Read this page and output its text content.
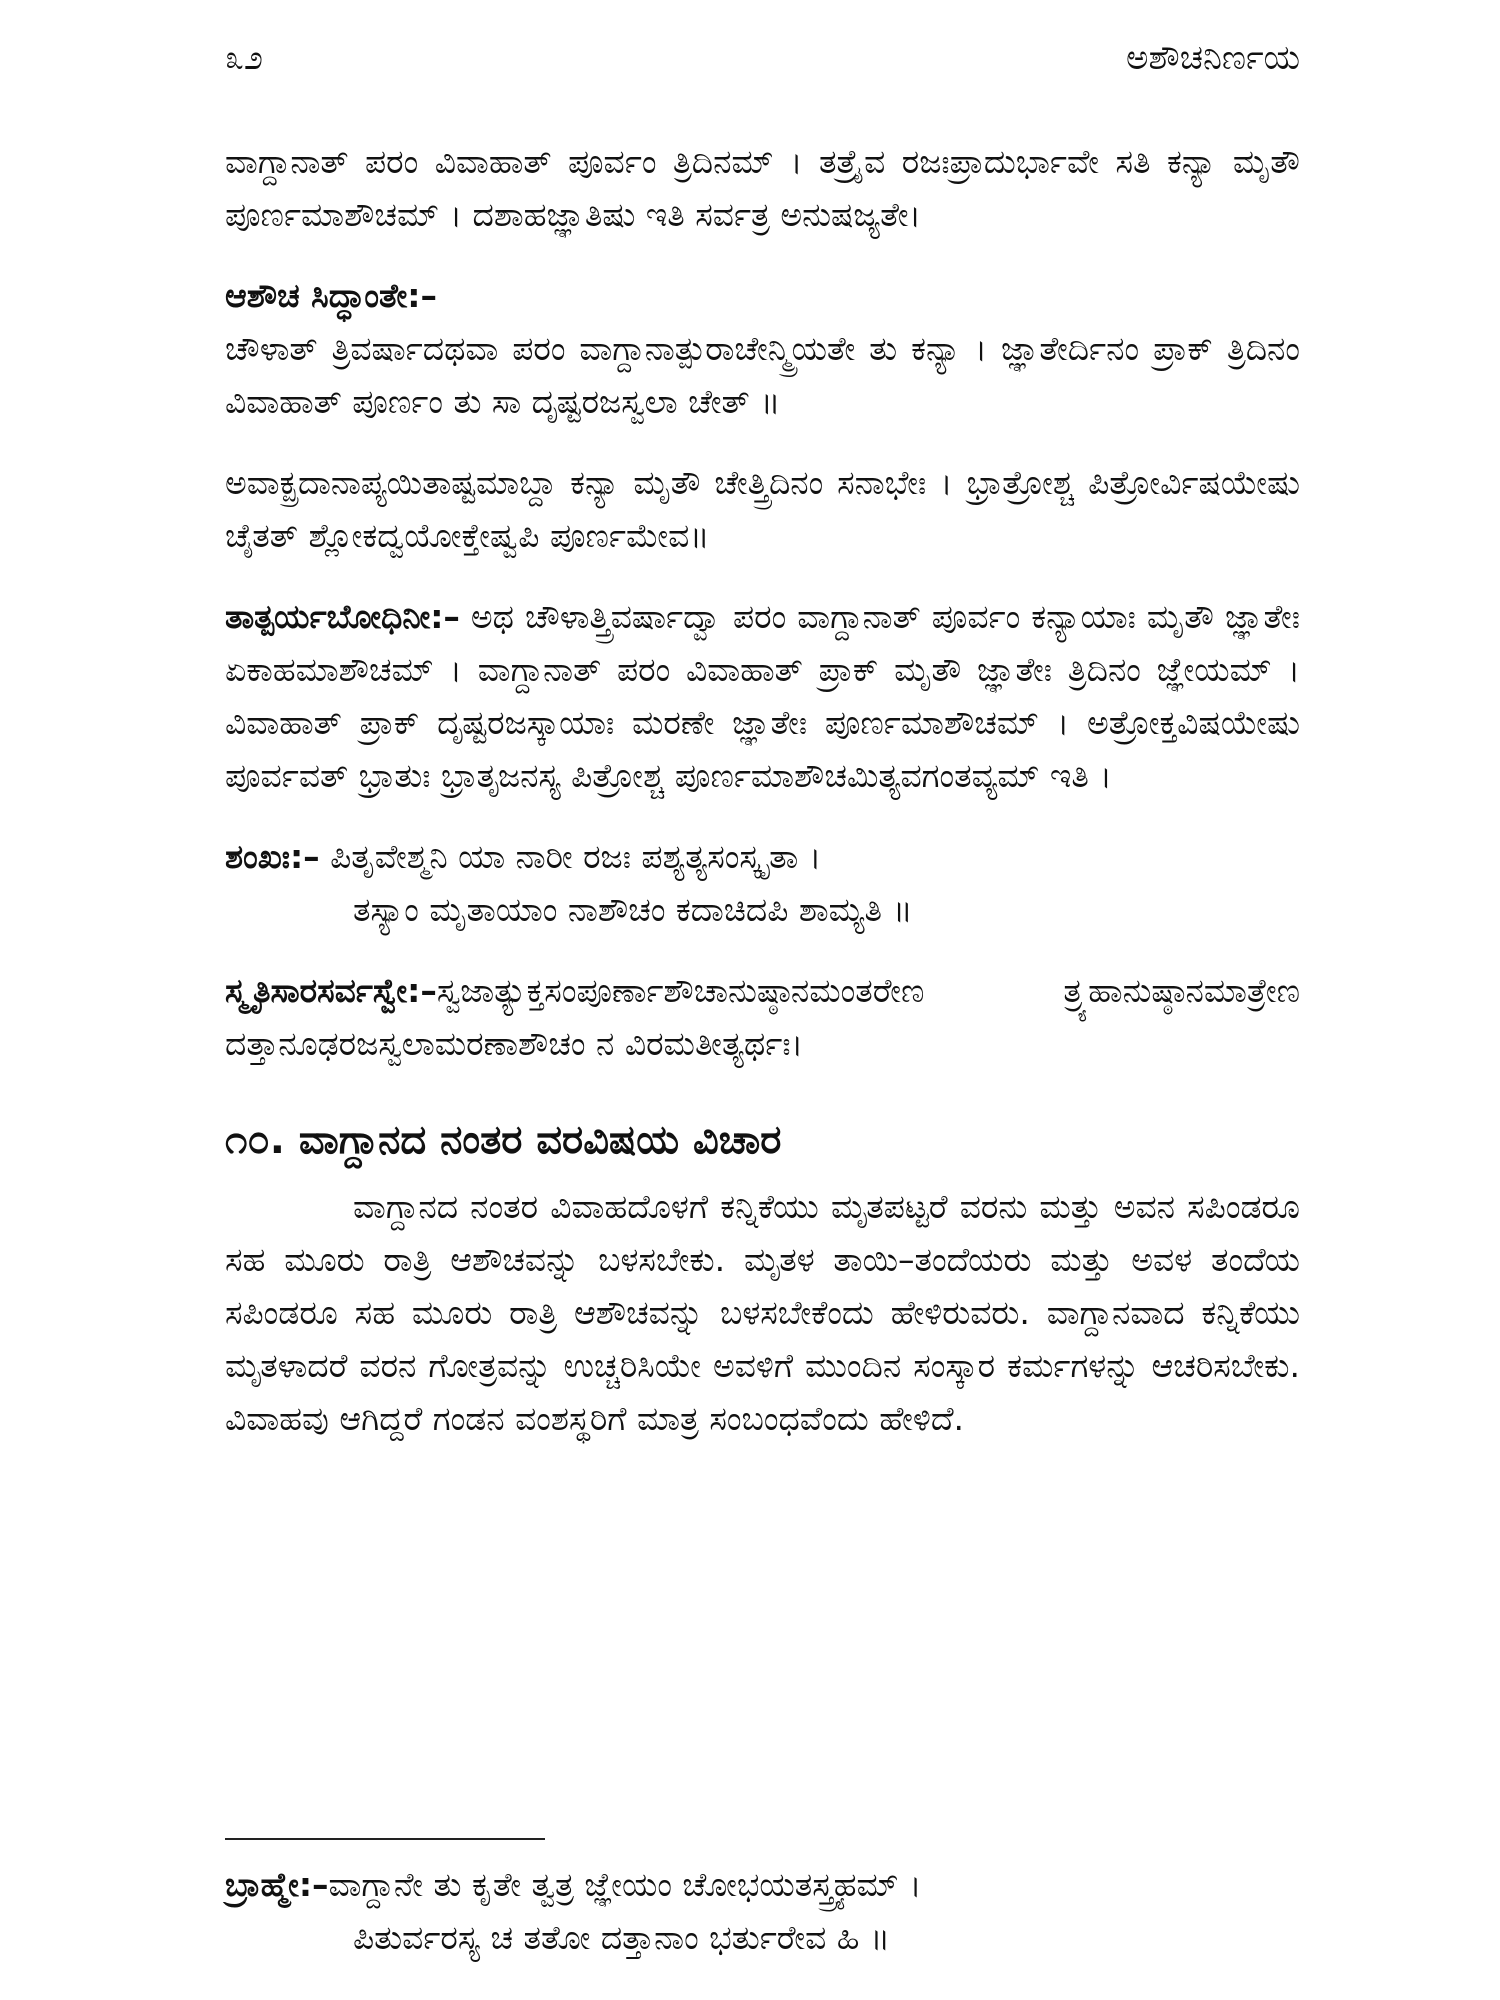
೩೨	ಅಶೌಚನಿರ್ಣಯ

ವಾಗ್ದಾನಾತ್ ಪರಂ ವಿವಾಹಾತ್ ಪೂರ್ವಂ ತ್ರಿದಿನಮ್ । ತತ್ರೈವ ರಜಃಪ್ರಾದುರ್ಭಾವೇ ಸತಿ ಕನ್ಯಾ ಮೃತೌ ಪೂರ್ಣಮಾಶೌಚಮ್ । ದಶಾಹಜ್ಞಾತಿಷು ಇತಿ ಸರ್ವತ್ರ ಅನುಷಜ್ಯತೇ।

ಆಶೌಚ ಸಿದ್ಧಾಂತೇ:–

ಚೌಳಾತ್ ತ್ರಿವರ್ಷಾದಥವಾ ಪರಂ ವಾಗ್ದಾನಾತ್ಪುರಾಚೇನ್ಮ್ರಿಯತೇ ತು ಕನ್ಯಾ । ಜ್ಞಾತೇರ್ದಿನಂ ಪ್ರಾಕ್ ತ್ರಿದಿನಂ ವಿವಾಹಾತ್ ಪೂರ್ಣಂ ತು ಸಾ ದೃಷ್ಟರಜಸ್ವಲಾ ಚೇತ್ ॥

ಅವಾಕ್ಪ್ರದಾನಾಪ್ಯಯಿತಾಷ್ಟಮಾಬ್ದಾ ಕನ್ಯಾ ಮೃತೌ ಚೇತ್ತ್ರಿದಿನಂ ಸನಾಭೇಃ । ಭ್ರಾತ್ರೋಶ್ಚ ಪಿತ್ರೋರ್ವಿಷಯೇಷು ಚೈತತ್ ಶ್ಲೋಕದ್ವಯೋಕ್ತೇಷ್ವಪಿ ಪೂರ್ಣಮೇವ॥

ತಾತ್ಪರ್ಯಬೋಧಿನೀ:– ಅಥ ಚೌಳಾತ್ತ್ರಿವರ್ಷಾದ್ವಾ ಪರಂ ವಾಗ್ದಾನಾತ್ ಪೂರ್ವಂ ಕನ್ಯಾಯಾಃ ಮೃತೌ ಜ್ಞಾತೇಃ ಏಕಾಹಮಾಶೌಚಮ್ । ವಾಗ್ದಾನಾತ್ ಪರಂ ವಿವಾಹಾತ್ ಪ್ರಾಕ್ ಮೃತೌ ಜ್ಞಾತೇಃ ತ್ರಿದಿನಂ ಜ್ಞೇಯಮ್ । ವಿವಾಹಾತ್ ಪ್ರಾಕ್ ದೃಷ್ಟರಜಸ್ಕಾಯಾಃ ಮರಣೇ ಜ್ಞಾತೇಃ ಪೂರ್ಣಮಾಶೌಚಮ್ । ಅತ್ರೋಕ್ತವಿಷಯೇಷು ಪೂರ್ವವತ್ ಭ್ರಾತುಃ ಭ್ರಾತೃಜನಸ್ಯ ಪಿತ್ರೋಶ್ಚ ಪೂರ್ಣಮಾಶೌಚಮಿತ್ಯವಗಂತವ್ಯಮ್ ಇತಿ ।

ಶಂಖಃ:– ಪಿತೃವೇಶ್ಮನಿ ಯಾ ನಾರೀ ರಜಃ ಪಶ್ಯತ್ಯಸಂಸ್ಕೃತಾ ।
ತಸ್ಯಾಂ ಮೃತಾಯಾಂ ನಾಶೌಚಂ ಕದಾಚಿದಪಿ ಶಾಮ್ಯತಿ ॥

ಸ್ಮೃತಿಸಾರಸರ್ವಸ್ವೇ:–ಸ್ವಜಾತ್ಯುಕ್ತಸಂಪೂರ್ಣಾಶೌಚಾನುಷ್ಠಾನಮಂತರೇಣ ತ್ರ್ಯಹಾನುಷ್ಠಾನಮಾತ್ರೇಣ ದತ್ತಾನೂಢರಜಸ್ವಲಾಮರಣಾಶೌಚಂ ನ ವಿರಮತೀತ್ಯರ್ಥಃ।

೧೦. ವಾಗ್ದಾನದ ನಂತರ ವರವಿಷಯ ವಿಚಾರ

ವಾಗ್ದಾನದ ನಂತರ ವಿವಾಹದೊಳಗೆ ಕನ್ನಿಕೆಯು ಮೃತಪಟ್ಟರೆ ವರನು ಮತ್ತು ಅವನ ಸಪಿಂಡರೂ ಸಹ ಮೂರು ರಾತ್ರಿ ಆಶೌಚವನ್ನು ಬಳಸಬೇಕು. ಮೃತಳ ತಾಯಿ–ತಂದೆಯರು ಮತ್ತು ಅವಳ ತಂದೆಯ ಸಪಿಂಡರೂ ಸಹ ಮೂರು ರಾತ್ರಿ ಆಶೌಚವನ್ನು ಬಳಸಬೇಕೆಂದು ಹೇಳಿರುವರು. ವಾಗ್ದಾನವಾದ ಕನ್ನಿಕೆಯು ಮೃತಳಾದರೆ ವರನ ಗೋತ್ರವನ್ನು ಉಚ್ಚರಿಸಿಯೇ ಅವಳಿಗೆ ಮುಂದಿನ ಸಂಸ್ಕಾರ ಕರ್ಮಗಳನ್ನು ಆಚರಿಸಬೇಕು. ವಿವಾಹವು ಆಗಿದ್ದರೆ ಗಂಡನ ವಂಶಸ್ಥರಿಗೆ ಮಾತ್ರ ಸಂಬಂಧವೆಂದು ಹೇಳಿದೆ.

ಬ್ರಾಹ್ಮೇ:–ವಾಗ್ದಾನೇ ತು ಕೃತೇ ತ್ವತ್ರ ಜ್ಞೇಯಂ ಚೋಭಯತಸ್ತ್ರ್ಯಹಮ್ ।
ಪಿತುರ್ವರಸ್ಯ ಚ ತತೋ ದತ್ತಾನಾಂ ಭರ್ತುರೇವ ಹಿ ॥
